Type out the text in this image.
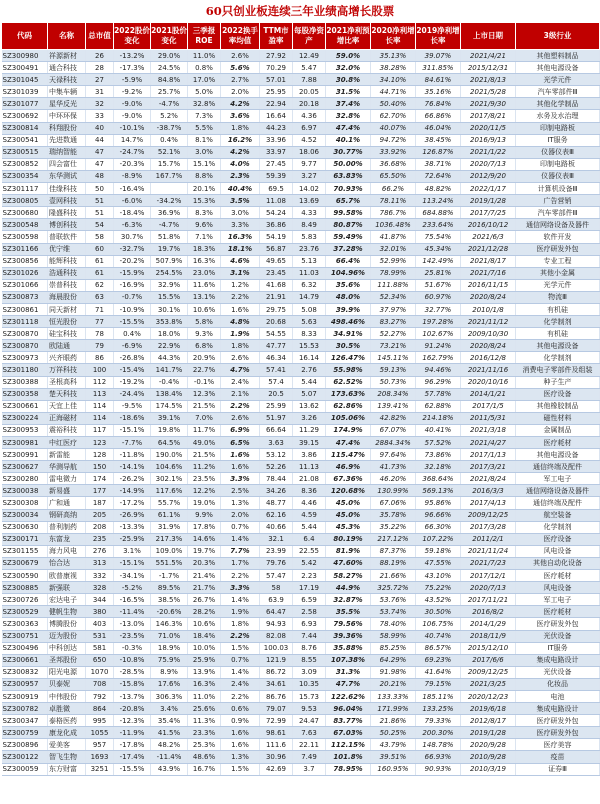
60只创业板连续三年业绩高增长股票
代码	名称	总市值	2022股价变化	2021股价变化	三季报ROE	2022换手率均值	TTM市盈率	每股净资产	2021净利预增比率	2020净利增长率	2019净利增长率	上市日期	3级行业
SZ300980	祥源新材	26	-13.2%	29.0%	11.0%	2.6%	27.92	12.49	59.0%	35.13%	39.07%	2021/4/21	其他塑料制品
SZ300491	通合科技	28	-17.3%	24.5%	0.8%	5.6%	70.29	5.47	32.0%	38.28%	311.85%	2015/12/31	其他电源设备
SZ301045	天禄科技	27	-5.9%	84.8%	17.0%	2.7%	57.01	7.88	30.8%	34.10%	84.61%	2021/8/13	光学元件
SZ301039	中集车辆	31	-9.2%	25.7%	5.0%	2.0%	25.95	20.05	31.5%	44.71%	35.16%	2021/5/28	汽车零部件Ⅲ
SZ301077	星华反光	32	-9.0%	-4.7%	32.8%	4.2%	22.94	20.18	37.4%	50.40%	76.84%	2021/9/30	其他化学制品
SZ300692	中环环保	33	-9.0%	5.2%	7.3%	3.6%	16.64	4.36	32.8%	62.70%	66.86%	2017/8/21	水务及水治理
SZ300814	科翔股份	40	-10.1%	-38.7%	5.5%	1.8%	44.23	6.97	47.4%	40.07%	46.04%	2020/11/5	印制电路板
SZ300541	先进数通	44	14.7%	0.4%	8.1%	16.2%	33.96	4.52	40.1%	94.72%	38.45%	2016/9/13	IT服务
SZ300515	瑞纳智能	47	-24.7%	52.1%	3.0%	4.2%	33.97	18.06	30.77%	33.92%	126.87%	2021/1/22	仪器仪表Ⅲ
SZ300852	四会富仕	47	-20.3%	15.7%	15.1%	4.0%	27.45	9.77	50.00%	36.68%	38.71%	2020/7/13	印制电路板
SZ300354	东华测试	48	-8.9%	167.7%	8.8%	2.3%	59.39	3.27	63.83%	65.50%	72.64%	2012/9/20	仪器仪表Ⅲ
SZ301117	佳缘科技	50	-16.4%		20.1%	40.4%	69.5	14.02	70.93%	66.2%	48.82%	2022/1/17	计算机设备Ⅲ
SZ300805	壹网科技	51	-6.0%	-34.2%	15.3%	3.5%	11.08	13.69	65.7%	78.11%	113.24%	2019/1/28	广告营销
SZ300680	隆盛科技	51	-18.4%	36.9%	8.3%	3.0%	54.24	4.33	99.58%	786.7%	684.88%	2017/7/25	汽车零部件Ⅲ
SZ300548	博创科技	54	-6.3%	-4.7%	9.6%	3.3%	36.86	8.49	80.87%	1036.48%	233.64%	2016/10/12	通信网络设备及器件
SZ300598	普联软件	58	30.7%	51.8%	7.1%	16.3%	54.19	5.83	59.49%	41.87%	75.54%	2021/6/3	软件开发
SZ301166	优宁维	60	-32.7%	19.7%	18.3%	18.1%	56.87	23.76	37.28%	32.01%	45.34%	2021/12/28	医疗研发外包
SZ300856	能辉科技	61	-20.2%	507.9%	16.3%	4.6%	49.65	5.13	66.4%	52.99%	142.49%	2021/8/17	专业工程
SZ301026	浩通科技	61	-15.9%	254.5%	23.0%	3.1%	23.45	11.03	104.96%	78.99%	25.81%	2021/7/16	其他小金属
SZ301066	崇普科技	62	-16.9%	32.9%	11.6%	1.2%	41.68	6.32	35.6%	111.88%	51.67%	2016/11/15	光学元件
SZ300873	海晨股份	63	-0.7%	15.5%	13.1%	2.2%	21.91	14.79	48.0%	52.34%	60.97%	2020/8/24	物流Ⅲ
SZ300861	同天新材	71	-10.9%	30.1%	10.6%	1.6%	29.75	5.08	39.9%	37.97%	32.77%	2010/1/8	有机硅
SZ301118	恒光股份	77	-15.5%	353.8%	5.8%	4.8%	20.68	5.63	498.46%	83.27%	197.28%	2021/11/12	化学制剂
SZ300870	硅宝科技	78	0.4%	18.0%	9.3%	1.9%	54.55	8.33	34.91%	52.27%	102.67%	2009/10/30	有机硅
SZ300870	欧陆通	79	-6.9%	22.9%	6.8%	1.8%	47.77	15.53	30.5%	73.21%	91.24%	2020/8/24	其他电源设备
SZ300973	兴齐眼药	86	-26.8%	44.3%	20.9%	2.6%	46.34	16.14	126.47%	145.11%	162.79%	2016/12/8	化学制剂
SZ301180	万祥科技	100	-15.4%	141.7%	22.7%	4.7%	57.41	2.76	55.98%	59.13%	94.46%	2021/11/16	消费电子零部件及组装
SZ300388	圣根高科	112	-19.2%	-0.4%	-0.1%	2.4%	57.4	5.44	62.52%	50.73%	96.29%	2020/10/16	种子生产
SZ300358	楚天科技	113	-24.4%	138.4%	12.3%	2.1%	20.5	5.07	173.63%	208.34%	57.78%	2014/1/21	医疗设备
SZ300661	天宜上佳	114	-9.5%	174.5%	21.5%	2.2%	25.99	13.62	62.86%	139.41%	62.88%	2017/1/5	其他橡胶制品
SZ300224	正海磁材	114	-18.6%	39.1%	7.0%	2.6%	51.97	3.26	105.06%	42.82%	214.18%	2011/5/31	磁性材料
SZ300953	震裕科技	117	-15.1%	19.8%	11.7%	6.9%	66.64	11.29	174.9%	67.07%	40.41%	2021/3/18	金属制品
SZ300981	中红医疗	123	-7.7%	64.5%	49.0%	6.5%	3.63	39.15	47.4%	2884.34%	57.52%	2021/4/27	医疗耗材
SZ300991	新雷能	128	-11.8%	190.0%	21.5%	1.6%	53.12	3.86	115.47%	97.64%	73.86%	2017/1/13	其他电源设备
SZ300627	华测导航	150	-14.1%	104.6%	11.2%	1.6%	52.26	11.13	46.9%	41.73%	32.18%	2017/3/21	通信终端及配件
SZ300280	雷电微力	174	-26.2%	302.1%	23.5%	3.3%	78.44	21.08	67.36%	46.20%	368.64%	2021/8/24	军工电子
SZ300038	新易盛	177	-14.9%	117.6%	12.2%	2.5%	34.26	8.36	120.68%	130.99%	569.13%	2016/3/3	通信网络设备及器件
SZ300308	广和通	187	-17.2%	55.7%	19.0%	1.3%	48.77	4.46	45.0%	67.06%	95.86%	2017/4/13	通信终端及配件
SZ300034	钢研高纳	205	-26.9%	61.1%	9.9%	2.0%	62.16	4.59	45.0%	35.78%	96.66%	2009/12/25	航空装备
SZ300630	普利制药	208	-13.3%	31.9%	17.8%	0.7%	40.66	5.44	45.3%	35.22%	66.30%	2017/3/28	化学制剂
SZ300171	东富龙	235	-25.9%	217.3%	14.6%	1.4%	32.1	6.4	80.19%	217.12%	107.22%	2011/2/1	医疗设备
SZ301155	海力风电	276	3.1%	109.0%	19.7%	7.7%	23.99	22.55	81.9%	87.37%	59.18%	2021/11/24	风电设备
SZ300679	怡合达	313	-15.1%	551.5%	20.3%	1.7%	79.76	5.42	47.60%	88.19%	47.55%	2021/7/23	其他自动化设备
SZ300590	欧普康视	332	-34.1%	-1.7%	21.4%	2.2%	57.47	2.23	58.27%	21.66%	43.10%	2017/12/1	医疗耗材
SZ300885	新强联	328	-5.2%	89.5%	21.7%	3.3%	58	17.19	44.9%	325.72%	75.22%	2020/7/13	风电设备
SZ300726	宏达电子	344	-16.5%	38.5%	26.7%	1.4%	63.9	6.59	32.87%	53.76%	43.52%	2017/11/21	军工电子
SZ300529	健帆生物	380	-11.4%	-20.6%	28.2%	1.9%	64.47	2.58	35.5%	53.74%	30.50%	2016/8/2	医疗耗材
SZ300363	博腾股份	403	-13.0%	146.3%	10.6%	1.8%	94.93	6.93	79.56%	78.40%	106.75%	2014/1/29	医疗研发外包
SZ300751	迈为股份	531	-23.5%	71.0%	18.4%	2.2%	82.08	7.44	39.36%	58.99%	40.74%	2018/11/9	光伏设备
SZ300496	中科创达	581	-0.3%	18.9%	10.0%	1.5%	100.03	8.76	35.88%	85.25%	86.57%	2015/12/10	IT服务
SZ300661	圣邦股份	650	-10.8%	75.9%	25.9%	0.7%	121.9	8.55	107.38%	64.29%	69.23%	2017/6/6	集成电路设计
SZ300832	阳光电源	1070	-28.5%	8.9%	13.9%	1.4%	86.72	3.09	31.3%	91.98%	41.64%	2009/12/25	光伏设备
SZ300957	贝泰妮	708	-15.8%	17.6%	16.3%	2.4%	34.61	10.35	47.7%	20.21%	79.15%	2021/3/25	化妆品
SZ300919	中伟股份	792	-13.7%	306.3%	11.0%	2.2%	86.76	15.73	122.62%	133.33%	185.11%	2020/12/23	电池
SZ300782	卓胜微	864	-20.8%	3.4%	25.6%	0.6%	79.07	9.53	96.04%	171.99%	133.25%	2019/6/18	集成电路设计
SZ300347	泰格医药	995	-12.3%	35.4%	11.3%	0.9%	72.99	24.47	83.77%	21.86%	79.33%	2012/8/17	医疗研发外包
SZ300759	康龙化成	1055	-11.9%	41.5%	23.3%	1.6%	98.61	7.63	67.03%	50.25%	200.30%	2019/1/28	医疗研发外包
SZ300896	爱美客	957	-17.8%	48.2%	25.3%	1.6%	111.6	22.11	112.15%	43.79%	148.78%	2020/9/28	医疗美容
SZ300122	智飞生物	1693	-17.4%	-11.4%	48.6%	1.3%	30.96	7.49	101.8%	39.51%	66.93%	2010/9/28	疫苗
SZ300059	东方财富	3251	-15.5%	43.9%	16.7%	1.5%	42.69	3.7	78.95%	160.95%	90.93%	2010/3/19	证券Ⅲ
